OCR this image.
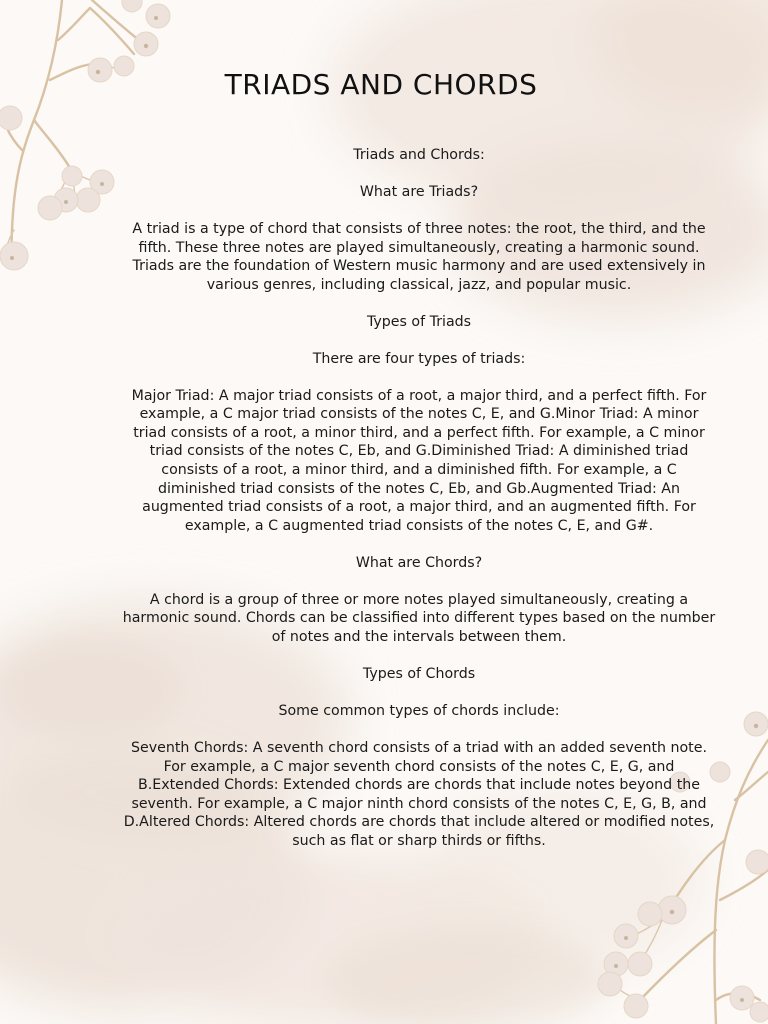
TRIADS AND CHORDS

Triads and Chords:

What are Triads?

A triad is a type of chord that consists of three notes: the root, the third, and the fifth. These three notes are played simultaneously, creating a harmonic sound. Triads are the foundation of Western music harmony and are used extensively in various genres, including classical, jazz, and popular music.

Types of Triads

There are four types of triads:

Major Triad: A major triad consists of a root, a major third, and a perfect fifth. For example, a C major triad consists of the notes C, E, and G.Minor Triad: A minor triad consists of a root, a minor third, and a perfect fifth. For example, a C minor triad consists of the notes C, Eb, and G.Diminished Triad: A diminished triad consists of a root, a minor third, and a diminished fifth. For example, a C diminished triad consists of the notes C, Eb, and Gb.Augmented Triad: An augmented triad consists of a root, a major third, and an augmented fifth. For example, a C augmented triad consists of the notes C, E, and G#.

What are Chords?

A chord is a group of three or more notes played simultaneously, creating a harmonic sound. Chords can be classified into different types based on the number of notes and the intervals between them.

Types of Chords

Some common types of chords include:

Seventh Chords: A seventh chord consists of a triad with an added seventh note. For example, a C major seventh chord consists of the notes C, E, G, and B.Extended Chords: Extended chords are chords that include notes beyond the seventh. For example, a C major ninth chord consists of the notes C, E, G, B, and D.Altered Chords: Altered chords are chords that include altered or modified notes, such as flat or sharp thirds or fifths.
